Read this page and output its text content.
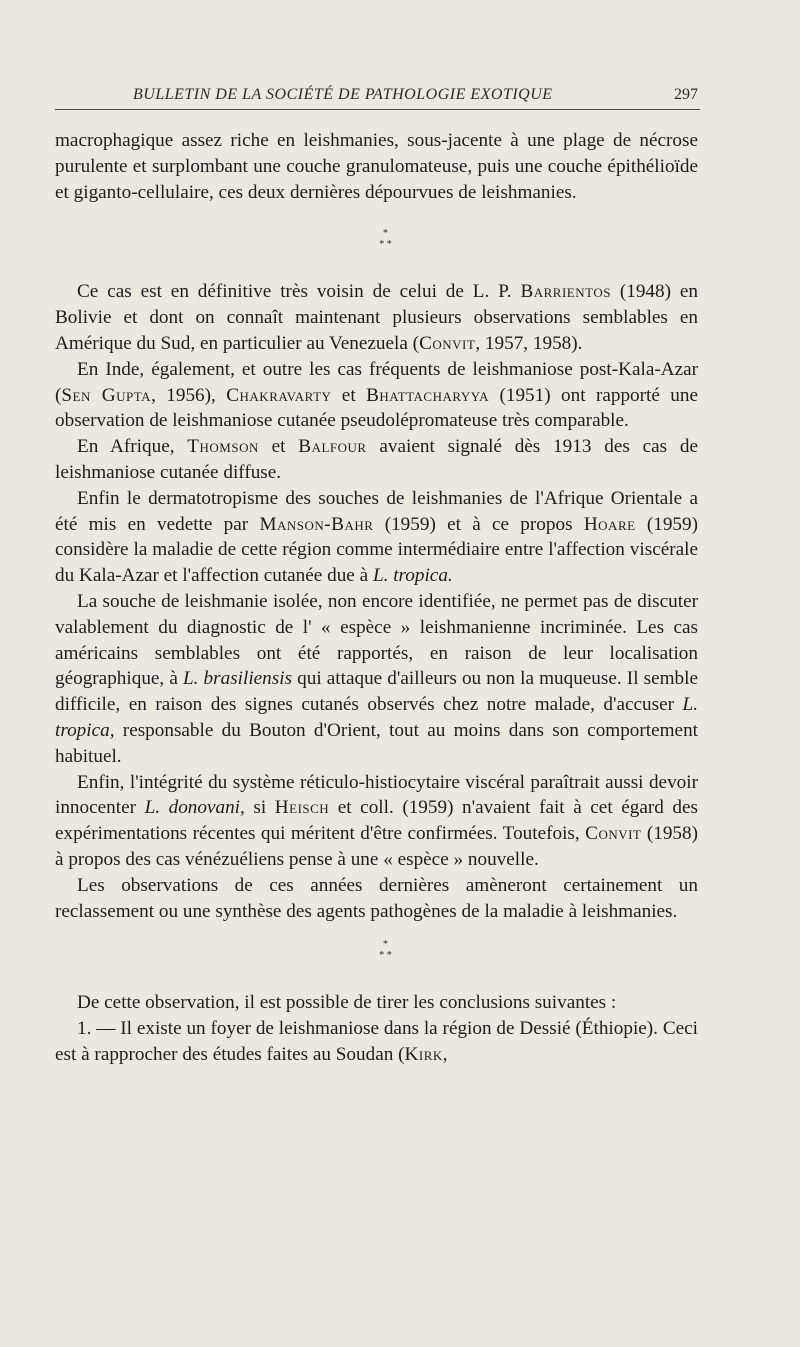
BULLETIN DE LA SOCIÉTÉ DE PATHOLOGIE EXOTIQUE	297

macrophagique assez riche en leishmanies, sous-jacente à une plage de nécrose purulente et surplombant une couche granulomateuse, puis une couche épithélioïde et giganto-cellulaire, ces deux dernières dépourvues de leishmanies.

*
* *

Ce cas est en définitive très voisin de celui de L. P. Barrientos (1948) en Bolivie et dont on connaît maintenant plusieurs observations semblables en Amérique du Sud, en particulier au Venezuela (Convit, 1957, 1958).

En Inde, également, et outre les cas fréquents de leishmaniose post-Kala-Azar (Sen Gupta, 1956), Chakravarty et Bhattacharyya (1951) ont rapporté une observation de leishmaniose cutanée pseudolépromateuse très comparable.

En Afrique, Thomson et Balfour avaient signalé dès 1913 des cas de leishmaniose cutanée diffuse.

Enfin le dermatotropisme des souches de leishmanies de l'Afrique Orientale a été mis en vedette par Manson-Bahr (1959) et à ce propos Hoare (1959) considère la maladie de cette région comme intermédiaire entre l'affection viscérale du Kala-Azar et l'affection cutanée due à L. tropica.

La souche de leishmanie isolée, non encore identifiée, ne permet pas de discuter valablement du diagnostic de l' « espèce » leishmanienne incriminée. Les cas américains semblables ont été rapportés, en raison de leur localisation géographique, à L. brasiliensis qui attaque d'ailleurs ou non la muqueuse. Il semble difficile, en raison des signes cutanés observés chez notre malade, d'accuser L. tropica, responsable du Bouton d'Orient, tout au moins dans son comportement habituel.

Enfin, l'intégrité du système réticulo-histiocytaire viscéral paraîtrait aussi devoir innocenter L. donovani, si Heisch et coll. (1959) n'avaient fait à cet égard des expérimentations récentes qui méritent d'être confirmées. Toutefois, Convit (1958) à propos des cas vénézuéliens pense à une « espèce » nouvelle.

Les observations de ces années dernières amèneront certainement un reclassement ou une synthèse des agents pathogènes de la maladie à leishmanies.

*
* *

De cette observation, il est possible de tirer les conclusions suivantes :

1. — Il existe un foyer de leishmaniose dans la région de Dessié (Éthiopie). Ceci est à rapprocher des études faites au Soudan (Kirk,
